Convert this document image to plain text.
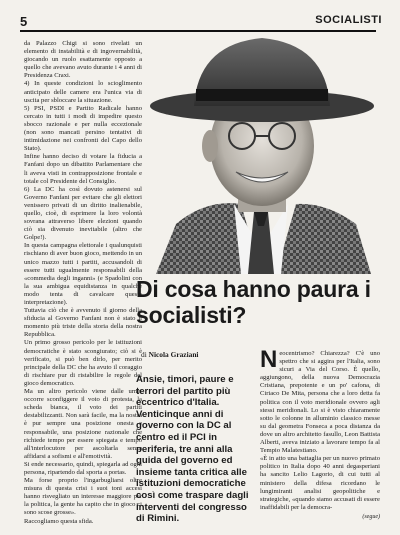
5	SOCIALISTI

da Palazzo Chigi si sono rivelati un elemento di instabilità e di ingovernabilità, giocando un ruolo esattamente opposto a quello che avevano avuto durante i 4 anni di Presidenza Craxi.

4) In queste condizioni lo scioglimento anticipato delle camere era l'unica via di uscita per sbloccare la situazione.

5) PSI, PSDI e Partito Radicale hanno cercato in tutti i modi di impedire questo sbocco razionale e per nulla eccezionale (non sono mancati persino tentativi di intimidazione nei confronti del Capo dello Stato).

Infine hanno deciso di votare la fiducia a Fanfani dopo un dibattito Parlamentare che li aveva visti in contrapposizione frontale e totale col Presidente del Consiglio.

6) La DC ha così dovuto astenersi sul Governo Fanfani per evitare che gli elettori venissero privati di un diritto inalienabile, quello, cioè, di esprimere la loro volontà sovrana attraverso libere elezioni quando ciò sia divenuto inevitabile (altro che Golpe!).

In questa campagna elettorale i qualunquisti rischiano di aver buon gioco, mettendo in un unico mazzo tutti i partiti, accusandoli di essere tutti ugualmente responsabili della «commedia degli inganni» (e Spadolini con la sua ambigua equidistanza in qualche modo tenta di cavalcare questa interpretazione).

Tuttavia ciò che è avvenuto il giorno della sfiducia al Governo Fanfani non è stato il momento più triste della storia della nostra Repubblica.

Un primo grosso pericolo per le istituzioni democratiche è stato scongiurato; ciò si è verificato, si può ben dirlo, per merito principale della DC che ha avuto il coraggio di rischiare pur di ristabilire le regole del gioco democratico.

Ma un altro pericolo viene dalle urne: occorre sconfiggere il voto di protesta, la scheda bianca, il voto dei partiti destabilizzanti. Non sarà facile, ma la nostra è pur sempre una posizione onesta e responsabile, una posizione razionale che richiede tempo per essere spiegata e tempo all'interlocutore per ascoltarla senza affidarsi a sofismi e all'emotività.

Si ende necessario, quindi, spiegarla ad ogni persona, ripartendo dal sporta a portas.

Ma forse proprio l'ingarbugliarsi oltre misura di questa crisi i suoi toni accesi hanno risvegliato un interesse maggiore per la politica, la gente ha capito che in gioco ci sono scose grosse».

Raccogliamo questa sfida.

Di cosa hanno paura i socialisti?
di Nicola Graziani
Ansie, timori, paure e terrori del partito più eccentrico d'Italia. Venticinque anni di governo con la DC al centro ed il PCI in periferia, tre anni alla guida del governo ed insieme tanta critica alle istituzioni democratiche così come traspare dagli interventi del congresso di Rimini.
N eocentrismo? Chiarezza? C'è uno spettro che si aggira per l'Italia, sono sicuri a Via del Corso. È quello, aggiungono, della nuova Democrazia Cristiana, prepotente e un po' cafona, di Ciriaco De Mita, persona che a loro detta fa politica con il voto meridionale ovvero agli stessi meridionali. Lo si è visto chiaramente sotto le colonne in alluminio classico messe su dal geometra Fonseca a poca distanza da dove un altro architetto fasullo, Leon Battista Alberti, aveva iniziato a lavorare tempo fa al Tempio Malatestiano.

«È in atto una battaglia per un nuovo primato politico in Italia dopo 40 anni degasperiani ha sancito Lelio Lagorio, di cui tutti al ministero della difesa ricordano le lungimiranti analisi geopolitiche e strategiche, «quando siamo accusati di essere inaffidabili per la democra-

(segue)
